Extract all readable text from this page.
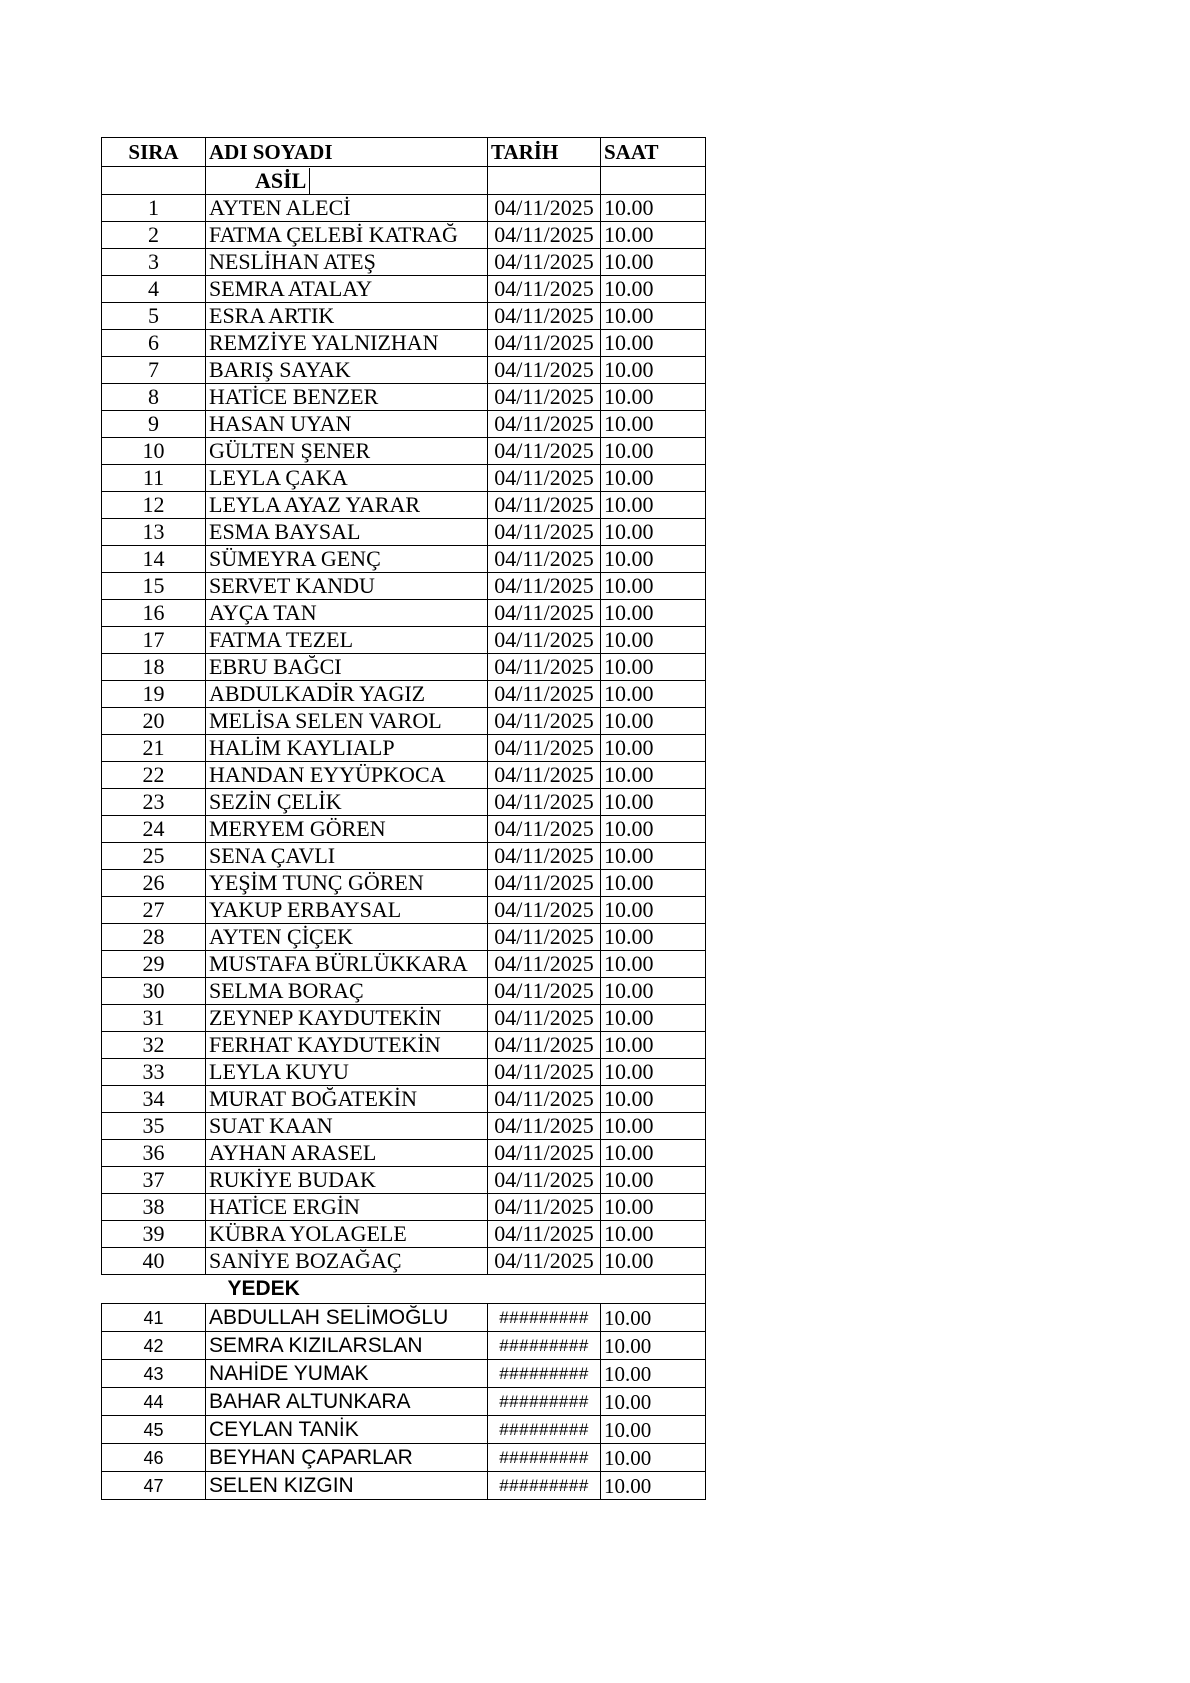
SIRA	ADI SOYADI	TARİH	SAAT
	ASİL		
1	AYTEN ALECİ	04/11/2025	10.00
2	FATMA ÇELEBİ KATRAĞ	04/11/2025	10.00
3	NESLİHAN ATEŞ	04/11/2025	10.00
4	SEMRA ATALAY	04/11/2025	10.00
5	ESRA ARTIK	04/11/2025	10.00
6	REMZİYE YALNIZHAN	04/11/2025	10.00
7	BARIŞ SAYAK	04/11/2025	10.00
8	HATİCE BENZER	04/11/2025	10.00
9	HASAN UYAN	04/11/2025	10.00
10	GÜLTEN ŞENER	04/11/2025	10.00
11	LEYLA ÇAKA	04/11/2025	10.00
12	LEYLA AYAZ YARAR	04/11/2025	10.00
13	ESMA BAYSAL	04/11/2025	10.00
14	SÜMEYRA GENÇ	04/11/2025	10.00
15	SERVET KANDU	04/11/2025	10.00
16	AYÇA TAN	04/11/2025	10.00
17	FATMA TEZEL	04/11/2025	10.00
18	EBRU BAĞCI	04/11/2025	10.00
19	ABDULKADİR YAGIZ	04/11/2025	10.00
20	MELİSA SELEN VAROL	04/11/2025	10.00
21	HALİM KAYLIALP	04/11/2025	10.00
22	HANDAN EYYÜPKOCA	04/11/2025	10.00
23	SEZİN ÇELİK	04/11/2025	10.00
24	MERYEM GÖREN	04/11/2025	10.00
25	SENA ÇAVLI	04/11/2025	10.00
26	YEŞİM TUNÇ GÖREN	04/11/2025	10.00
27	YAKUP ERBAYSAL	04/11/2025	10.00
28	AYTEN ÇİÇEK	04/11/2025	10.00
29	MUSTAFA BÜRLÜKKARA	04/11/2025	10.00
30	SELMA BORAÇ	04/11/2025	10.00
31	ZEYNEP KAYDUTEKİN	04/11/2025	10.00
32	FERHAT KAYDUTEKİN	04/11/2025	10.00
33	LEYLA KUYU	04/11/2025	10.00
34	MURAT BOĞATEKİN	04/11/2025	10.00
35	SUAT KAAN	04/11/2025	10.00
36	AYHAN ARASEL	04/11/2025	10.00
37	RUKİYE BUDAK	04/11/2025	10.00
38	HATİCE ERGİN	04/11/2025	10.00
39	KÜBRA YOLAGELE	04/11/2025	10.00
40	SANİYE BOZAĞAÇ	04/11/2025	10.00
YEDEK			
41	ABDULLAH SELİMOĞLU	#########	10.00
42	SEMRA KIZILARSLAN	#########	10.00
43	NAHİDE YUMAK	#########	10.00
44	BAHAR ALTUNKARA	#########	10.00
45	CEYLAN TANİK	#########	10.00
46	BEYHAN ÇAPARLAR	#########	10.00
47	SELEN KIZGIN	#########	10.00
